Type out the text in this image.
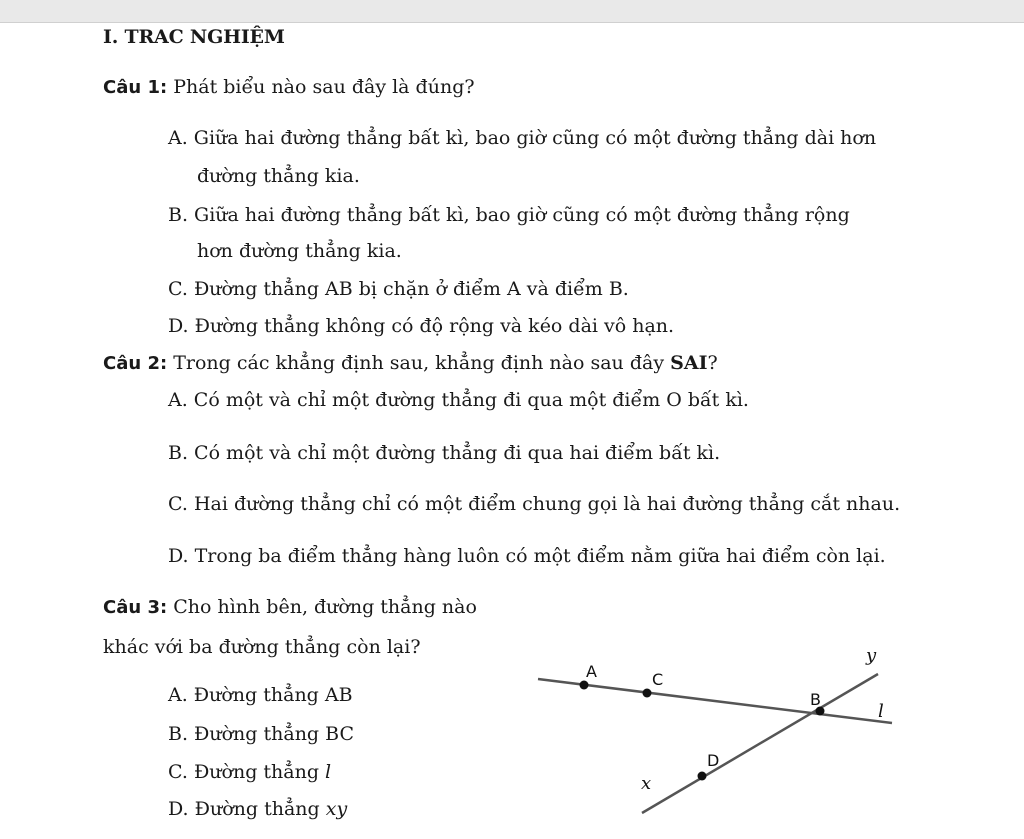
I. TRAC NGHIỆM
Câu 1: Phát biểu nào sau đây là đúng?
A. Giữa hai đường thẳng bất kì, bao giờ cũng có một đường thẳng dài hơn
đường thẳng kia.
B. Giữa hai đường thẳng bất kì, bao giờ cũng có một đường thẳng rộng
hơn đường thẳng kia.
C. Đường thẳng AB bị chặn ở điểm A và điểm B.
D. Đường thẳng không có độ rộng và kéo dài vô hạn.
Câu 2: Trong các khẳng định sau, khẳng định nào sau đây SAI?
A. Có một và chỉ một đường thẳng đi qua một điểm O bất kì.
B. Có một và chỉ một đường thẳng đi qua hai điểm bất kì.
C. Hai đường thẳng chỉ có một điểm chung gọi là hai đường thẳng cắt nhau.
D. Trong ba điểm thẳng hàng luôn có một điểm nằm giữa hai điểm còn lại.
Câu 3: Cho hình bên, đường thẳng nào
khác với ba đường thẳng còn lại?
A. Đường thẳng AB
B. Đường thẳng BC
C. Đường thẳng l
D. Đường thẳng xy
A	C
B
D
y
l
x
